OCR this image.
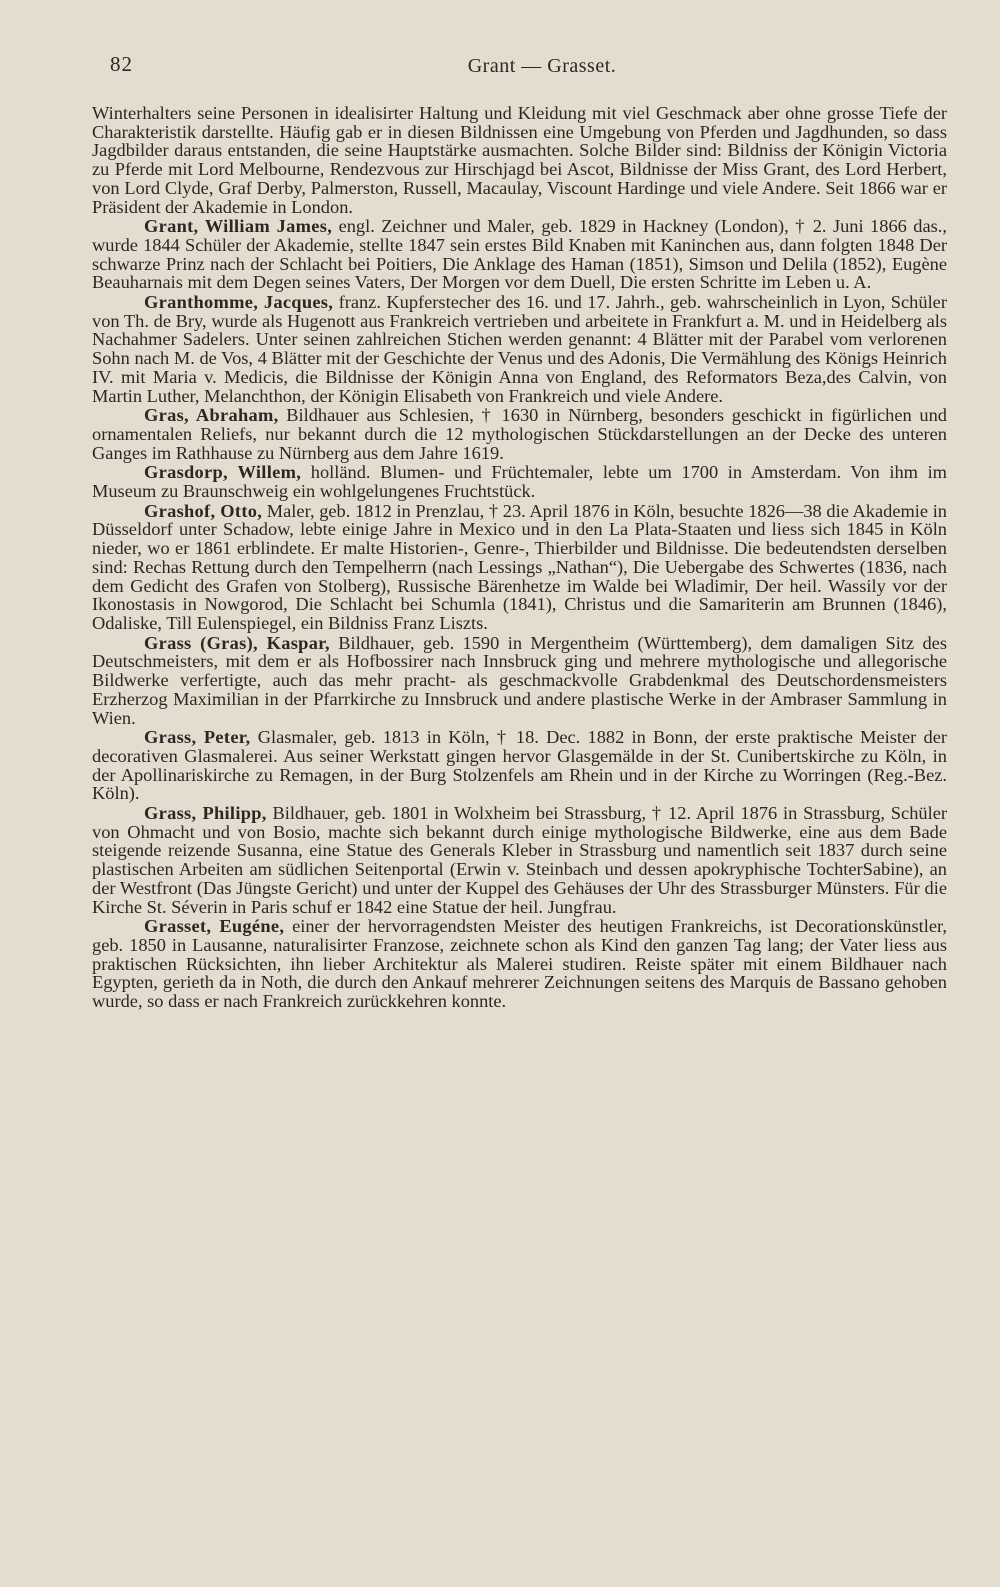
82	Grant — Grasset.

Winterhalters seine Personen in idealisirter Haltung und Kleidung mit viel Geschmack aber ohne grosse Tiefe der Charakteristik darstellte. Häufig gab er in diesen Bildnissen eine Umgebung von Pferden und Jagdhunden, so dass Jagdbilder daraus entstanden, die seine Hauptstärke ausmachten. Solche Bilder sind: Bildniss der Königin Victoria zu Pferde mit Lord Melbourne, Rendezvous zur Hirschjagd bei Ascot, Bildnisse der Miss Grant, des Lord Herbert, von Lord Clyde, Graf Derby, Palmerston, Russell, Macaulay, Viscount Hardinge und viele Andere. Seit 1866 war er Präsident der Akademie in London.

Grant, William James, engl. Zeichner und Maler, geb. 1829 in Hackney (London), † 2. Juni 1866 das., wurde 1844 Schüler der Akademie, stellte 1847 sein erstes Bild Knaben mit Kaninchen aus, dann folgten 1848 Der schwarze Prinz nach der Schlacht bei Poitiers, Die Anklage des Haman (1851), Simson und Delila (1852), Eugène Beauharnais mit dem Degen seines Vaters, Der Morgen vor dem Duell, Die ersten Schritte im Leben u. A.

Granthomme, Jacques, franz. Kupferstecher des 16. und 17. Jahrh., geb. wahrscheinlich in Lyon, Schüler von Th. de Bry, wurde als Hugenott aus Frankreich vertrieben und arbeitete in Frankfurt a. M. und in Heidelberg als Nachahmer Sadelers. Unter seinen zahlreichen Stichen werden genannt: 4 Blätter mit der Parabel vom verlorenen Sohn nach M. de Vos, 4 Blätter mit der Geschichte der Venus und des Adonis, Die Vermählung des Königs Heinrich IV. mit Maria v. Medicis, die Bildnisse der Königin Anna von England, des Reformators Beza,des Calvin, von Martin Luther, Melanchthon, der Königin Elisabeth von Frankreich und viele Andere.

Gras, Abraham, Bildhauer aus Schlesien, † 1630 in Nürnberg, besonders geschickt in figürlichen und ornamentalen Reliefs, nur bekannt durch die 12 mythologischen Stückdarstellungen an der Decke des unteren Ganges im Rathhause zu Nürnberg aus dem Jahre 1619.

Grasdorp, Willem, holländ. Blumen- und Früchtemaler, lebte um 1700 in Amsterdam. Von ihm im Museum zu Braunschweig ein wohlgelungenes Fruchtstück.

Grashof, Otto, Maler, geb. 1812 in Prenzlau, † 23. April 1876 in Köln, besuchte 1826—38 die Akademie in Düsseldorf unter Schadow, lebte einige Jahre in Mexico und in den La Plata-Staaten und liess sich 1845 in Köln nieder, wo er 1861 erblindete. Er malte Historien-, Genre-, Thierbilder und Bildnisse. Die bedeutendsten derselben sind: Rechas Rettung durch den Tempelherrn (nach Lessings „Nathan“), Die Uebergabe des Schwertes (1836, nach dem Gedicht des Grafen von Stolberg), Russische Bärenhetze im Walde bei Wladimir, Der heil. Wassily vor der Ikonostasis in Nowgorod, Die Schlacht bei Schumla (1841), Christus und die Samariterin am Brunnen (1846), Odaliske, Till Eulenspiegel, ein Bildniss Franz Liszts.

Grass (Gras), Kaspar, Bildhauer, geb. 1590 in Mergentheim (Württemberg), dem damaligen Sitz des Deutschmeisters, mit dem er als Hofbossirer nach Innsbruck ging und mehrere mythologische und allegorische Bildwerke verfertigte, auch das mehr pracht- als geschmackvolle Grabdenkmal des Deutschordensmeisters Erzherzog Maximilian in der Pfarrkirche zu Innsbruck und andere plastische Werke in der Ambraser Sammlung in Wien.

Grass, Peter, Glasmaler, geb. 1813 in Köln, † 18. Dec. 1882 in Bonn, der erste praktische Meister der decorativen Glasmalerei. Aus seiner Werkstatt gingen hervor Glasgemälde in der St. Cunibertskirche zu Köln, in der Apollinariskirche zu Remagen, in der Burg Stolzenfels am Rhein und in der Kirche zu Worringen (Reg.-Bez. Köln).

Grass, Philipp, Bildhauer, geb. 1801 in Wolxheim bei Strassburg, † 12. April 1876 in Strassburg, Schüler von Ohmacht und von Bosio, machte sich bekannt durch einige mythologische Bildwerke, eine aus dem Bade steigende reizende Susanna, eine Statue des Generals Kleber in Strassburg und namentlich seit 1837 durch seine plastischen Arbeiten am südlichen Seitenportal (Erwin v. Steinbach und dessen apokryphische TochterSabine), an der Westfront (Das Jüngste Gericht) und unter der Kuppel des Gehäuses der Uhr des Strassburger Münsters. Für die Kirche St. Séverin in Paris schuf er 1842 eine Statue der heil. Jungfrau.

Grasset, Eugéne, einer der hervorragendsten Meister des heutigen Frankreichs, ist Decorationskünstler, geb. 1850 in Lausanne, naturalisirter Franzose, zeichnete schon als Kind den ganzen Tag lang; der Vater liess aus praktischen Rücksichten, ihn lieber Architektur als Malerei studiren. Reiste später mit einem Bildhauer nach Egypten, gerieth da in Noth, die durch den Ankauf mehrerer Zeichnungen seitens des Marquis de Bassano gehoben wurde, so dass er nach Frankreich zurückkehren konnte.
